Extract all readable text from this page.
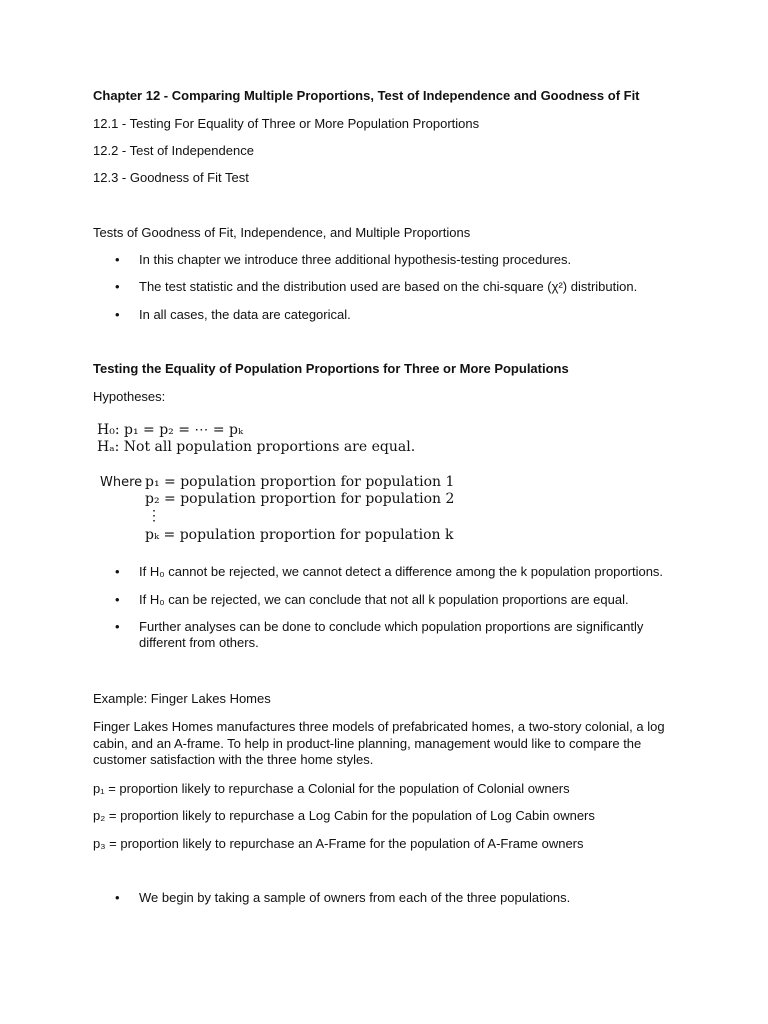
Chapter 12 - Comparing Multiple Proportions, Test of Independence and Goodness of Fit
12.1 - Testing For Equality of Three or More Population Proportions
12.2 - Test of Independence
12.3 - Goodness of Fit Test
Tests of Goodness of Fit, Independence, and Multiple Proportions
• In this chapter we introduce three additional hypothesis-testing procedures.
• The test statistic and the distribution used are based on the chi-square (χ²) distribution.
• In all cases, the data are categorical.
Testing the Equality of Population Proportions for Three or More Populations
Hypotheses:
H₀: p₁ = p₂ = ⋯ = pₖ
Hₐ: Not all population proportions are equal.
Where p₁ = population proportion for population 1
p₂ = population proportion for population 2
⋮
pₖ = population proportion for population k
• If H₀ cannot be rejected, we cannot detect a difference among the k population proportions.
• If H₀ can be rejected, we can conclude that not all k population proportions are equal.
• Further analyses can be done to conclude which population proportions are significantly different from others.
Example: Finger Lakes Homes
Finger Lakes Homes manufactures three models of prefabricated homes, a two-story colonial, a log cabin, and an A-frame. To help in product-line planning, management would like to compare the customer satisfaction with the three home styles.
p₁ = proportion likely to repurchase a Colonial for the population of Colonial owners
p₂ = proportion likely to repurchase a Log Cabin for the population of Log Cabin owners
p₃ = proportion likely to repurchase an A-Frame for the population of A-Frame owners
• We begin by taking a sample of owners from each of the three populations.
